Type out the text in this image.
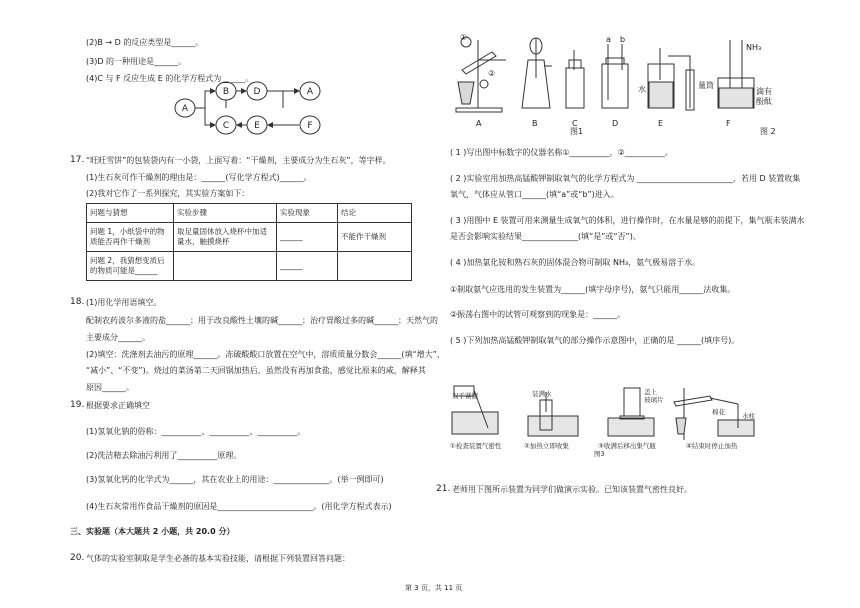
(2)B → D 的反应类型是______。
(3)D 的一种用途是______。
(4)C 与 F 反应生成 E 的化学方程式为______。
A
B	D	A
C	E	F
17. “旺旺雪饼”的包装袋内有一小袋，上面写着：“干燥剂，主要成分为生石灰”，等字样。
(1)生石灰可作干燥剂的理由是：______(写化学方程式)______。
(2)我对它作了一系列探究，其实验方案如下：
问题与猜想	实验步骤	实验现象	结论
问题 1，小纸袋中的物质能否再作干燥剂	取足量固体放入烧杯中加适量水，触摸烧杯	______	不能作干燥剂
问题 2，我猜想变质后的物质可能是______		______	
18. (1)用化学用语填空。
配制农药波尔多液的盐______；用于改良酸性土壤的碱______；治疗胃酸过多的碱______；天然气的
主要成分______。
(2)填空：洗涤剂去油污的原理______。冻破酸酸口放置在空气中，溶质质量分数会______(填“增大”、
“减小”、“不变”)。烧过的菜汤第二天回锅加热后，虽然没有再加食盐，感觉比原来的咸，解释其
原因______。
19. 根据要求正确填空
(1)氢氧化钠的俗称：__________、__________、__________。
(2)洗洁精去除油污利用了__________原理。
(3)氢氧化钙的化学式为______，其在农业上的用途：______________。(举一例即可)
(4)生石灰常用作食品干燥剂的原因是________________________。(用化学方程式表示)
三、实验题（本大题共 2 小题，共 20.0 分）
20. 气体的实验室制取是学生必备的基本实验技能，请根据下列装置回答问题：
A	B	C	D	E	F
图1	图 2
a b
水	量筒
NH₃
滴有
酚酞
①
②
( 1 )写出图中标数字的仪器名称①__________，②__________。
( 2 )实验室用加热高锰酸钾制取氧气的化学方程式为 ________________________，若用 D 装置收集
氧气，气体应从管口______(填“a”或“b”)进入。
( 3 )用图中 E 装置可用来测量生成氧气的体积，进行操作时，在水量是够的前提下，集气瓶未装满水
是否会影响实验结果______________(填“是”或“否”)。
( 4 )加热氯化铵和熟石灰的固体混合物可制取 NH₃，氨气极易溶于水。
①制取氨气应选用的发生装置为______(填字母序号)，氨气只能用______法收集。
②振荡右图中的试管可观察到的现象是：______。
( 5 )下列加热高锰酸钾制取氧气的部分操作示意图中，正确的是 ______(填序号)。
双手紧握	装满水	盖上
玻璃片
棉花	水柱
①检查装置气密性	②加热立即收集	③收满后移出集气瓶	④结束时停止加热
图3
21. 老师用下图所示装置为同学们做演示实验。已知该装置气密性良好。
第 3 页，共 11 页
